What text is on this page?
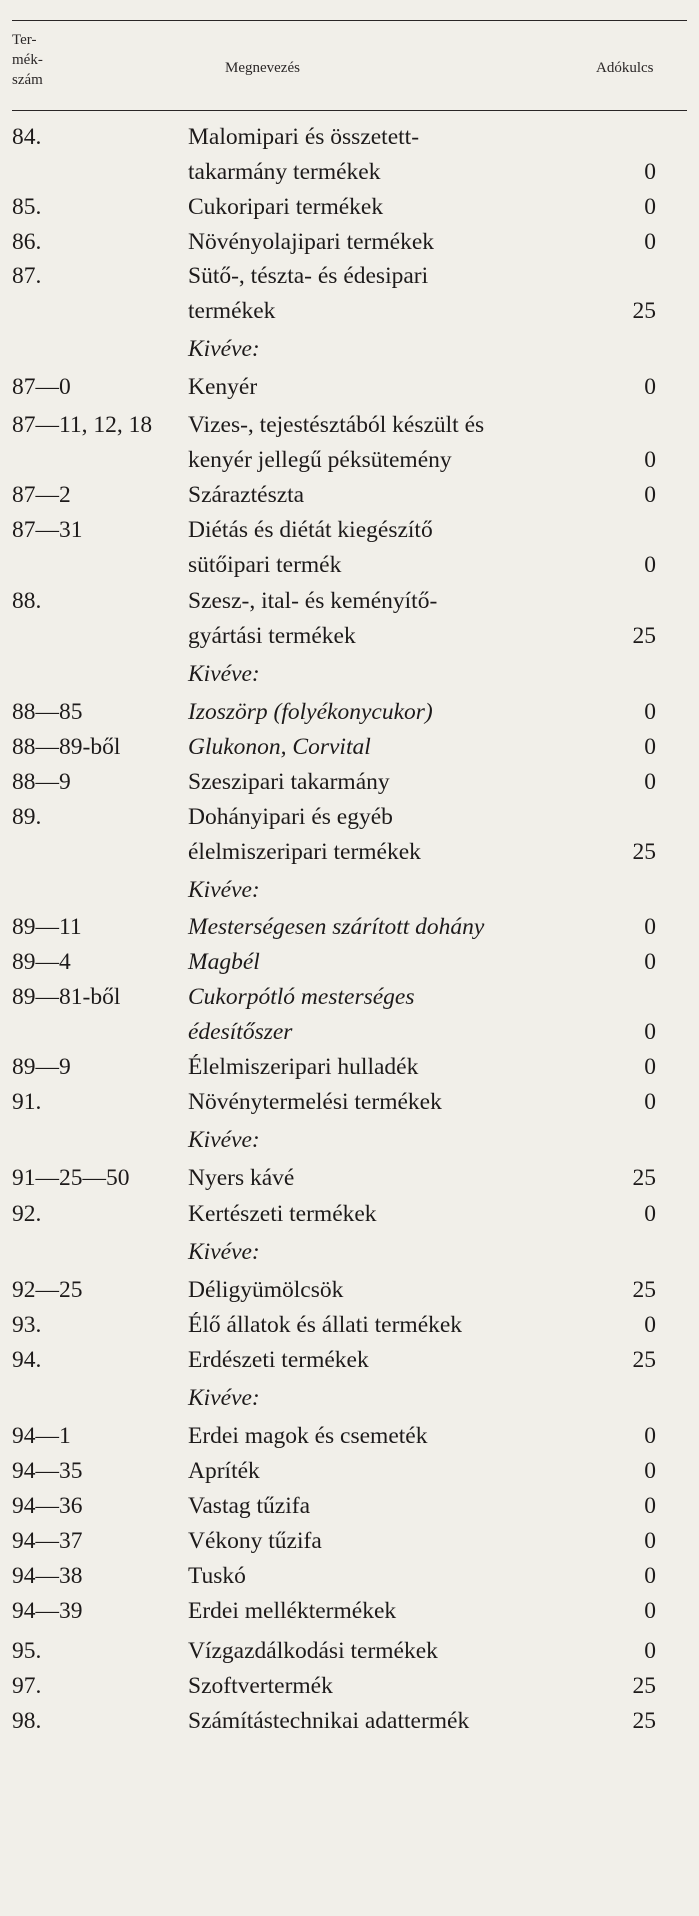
Ter-
mék-
szám
Megnevezés	Adókulcs
84.	Malomipari és összetett-
takarmány termékek	0
85.	Cukoripari termékek	0
86.	Növényolajipari termékek	0
87.	Sütő-, tészta- és édesipari
termékek	25
Kivéve:
87—0	Kenyér	0
87—11, 12, 18 Vizes-, tejestésztából készült és
kenyér jellegű péksütemény	0
87—2	Száraztészta	0
87—31	Diétás és diétát kiegészítő
sütőipari termék	0
88.	Szesz-, ital- és keményítő-
gyártási termékek	25
Kivéve:
88—85	Izoszörp (folyékonycukor)	0
88—89-ből	Glukonon, Corvital	0
88—9	Szeszipari takarmány	0
89.	Dohányipari és egyéb
élelmiszeripari termékek	25
Kivéve:
89—11	Mesterségesen szárított dohány	0
89—4	Magbél	0
89—81-ből	Cukorpótló mesterséges
édesítőszer	0
89—9	Élelmiszeripari hulladék	0
91.	Növénytermelési termékek	0
Kivéve:
91—25—50 Nyers kávé	25
92.	Kertészeti termékek	0
Kivéve:
92—25	Déligyümölcsök	25
93.	Élő állatok és állati termékek	0
94.	Erdészeti termékek	25
Kivéve:
94—1	Erdei magok és csemeték	0
94—35	Apríték	0
94—36	Vastag tűzifa	0
94—37	Vékony tűzifa	0
94—38	Tuskó	0
94—39	Erdei melléktermékek	0
95.	Vízgazdálkodási termékek	0
97.	Szoftvertermék	25
98.	Számítástechnikai adattermék	25
